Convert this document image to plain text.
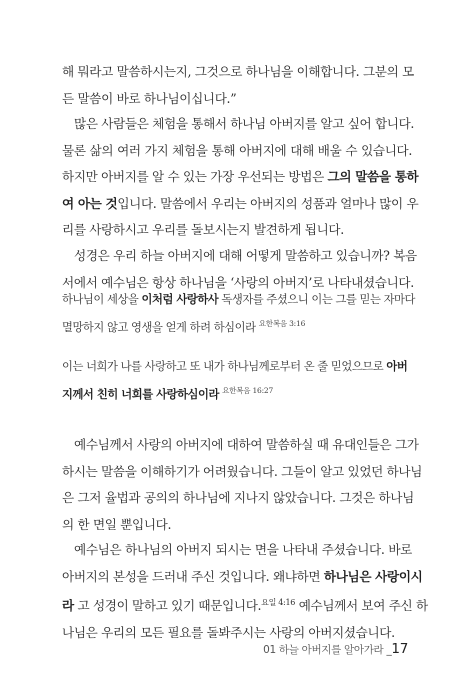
해 뭐라고 말씀하시는지, 그것으로 하나님을 이해합니다. 그분의 모
든 말씀이 바로 하나님이십니다.”
많은 사람들은 체험을 통해서 하나님 아버지를 알고 싶어 합니다.
물론 삶의 여러 가지 체험을 통해 아버지에 대해 배울 수 있습니다.
하지만 아버지를 알 수 있는 가장 우선되는 방법은 그의 말씀을 통하
여 아는 것입니다. 말씀에서 우리는 아버지의 성품과 얼마나 많이 우
리를 사랑하시고 우리를 돌보시는지 발견하게 됩니다.
성경은 우리 하늘 아버지에 대해 어떻게 말씀하고 있습니까? 복음
서에서 예수님은 항상 하나님을 ‘사랑의 아버지’로 나타내셨습니다.
하나님이 세상을 이처럼 사랑하사 독생자를 주셨으니 이는 그를 믿는 자마다
멸망하지 않고 영생을 얻게 하려 하심이라 $^{요한복음 3:16}$
이는 너희가 나를 사랑하고 또 내가 하나님께로부터 온 줄 믿었으므로 아버
지께서 친히 너희를 사랑하심이라 $^{요한복음 16:27}$
예수님께서 사랑의 아버지에 대하여 말씀하실 때 유대인들은 그가
하시는 말씀을 이해하기가 어려웠습니다. 그들이 알고 있었던 하나님
은 그저 율법과 공의의 하나님에 지나지 않았습니다. 그것은 하나님
의 한 면일 뿐입니다.
예수님은 하나님의 아버지 되시는 면을 나타내 주셨습니다. 바로
아버지의 본성을 드러내 주신 것입니다. 왜냐하면 하나님은 사랑이시
라 고 성경이 말하고 있기 때문입니다.$^{요일 4:16}$ 예수님께서 보여 주신 하
나님은 우리의 모든 필요를 돌봐주시는 사랑의 아버지셨습니다.
01 하늘 아버지를 알아가라 _17
